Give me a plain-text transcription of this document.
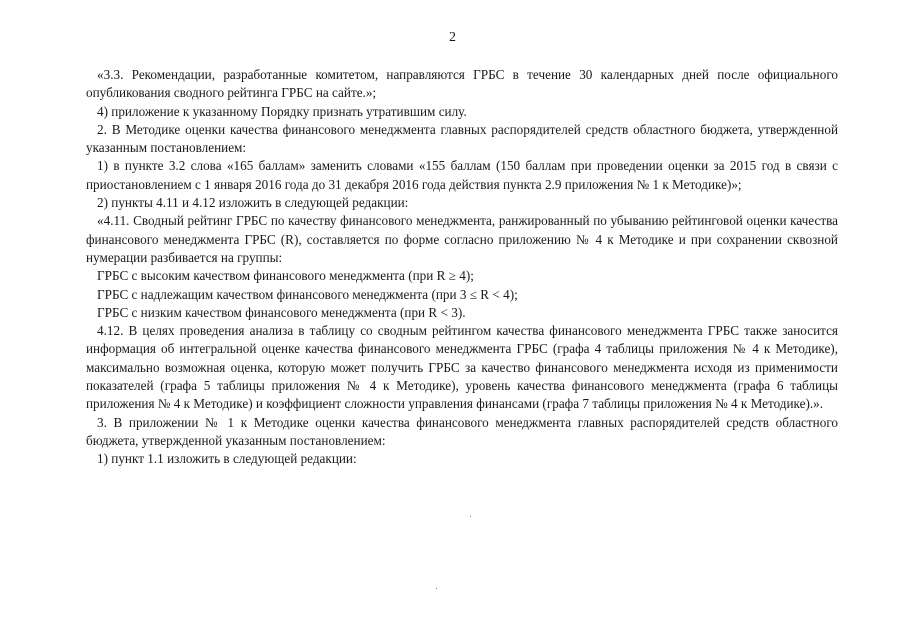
2

«3.3. Рекомендации, разработанные комитетом, направляются ГРБС в течение 30 календарных дней после официального опубликования сводного рейтинга ГРБС на сайте.»;

4) приложение к указанному Порядку признать утратившим силу.

2. В Методике оценки качества финансового менеджмента главных распорядителей средств областного бюджета, утвержденной указанным постановлением:

1) в пункте 3.2 слова «165 баллам» заменить словами «155 баллам (150 баллам при проведении оценки за 2015 год в связи с приостановлением с 1 января 2016 года до 31 декабря 2016 года действия пункта 2.9 приложения № 1 к Методике)»;

2) пункты 4.11 и 4.12 изложить в следующей редакции:

«4.11. Сводный рейтинг ГРБС по качеству финансового менеджмента, ранжированный по убыванию рейтинговой оценки качества финансового менеджмента ГРБС (R), составляется по форме согласно приложению № 4 к Методике и при сохранении сквозной нумерации разбивается на группы:

ГРБС с высоким качеством финансового менеджмента (при R ≥ 4);

ГРБС с надлежащим качеством финансового менеджмента (при 3 ≤ R < 4);

ГРБС с низким качеством финансового менеджмента (при R < 3).

4.12. В целях проведения анализа в таблицу со сводным рейтингом качества финансового менеджмента ГРБС также заносится информация об интегральной оценке качества финансового менеджмента ГРБС (графа 4 таблицы приложения № 4 к Методике), максимально возможная оценка, которую может получить ГРБС за качество финансового менеджмента исходя из применимости показателей (графа 5 таблицы приложения № 4 к Методике), уровень качества финансового менеджмента (графа 6 таблицы приложения № 4 к Методике) и коэффициент сложности управления финансами (графа 7 таблицы приложения № 4 к Методике).».

3. В приложении № 1 к Методике оценки качества финансового менеджмента главных распорядителей средств областного бюджета, утвержденной указанным постановлением:

1) пункт 1.1 изложить в следующей редакции:
